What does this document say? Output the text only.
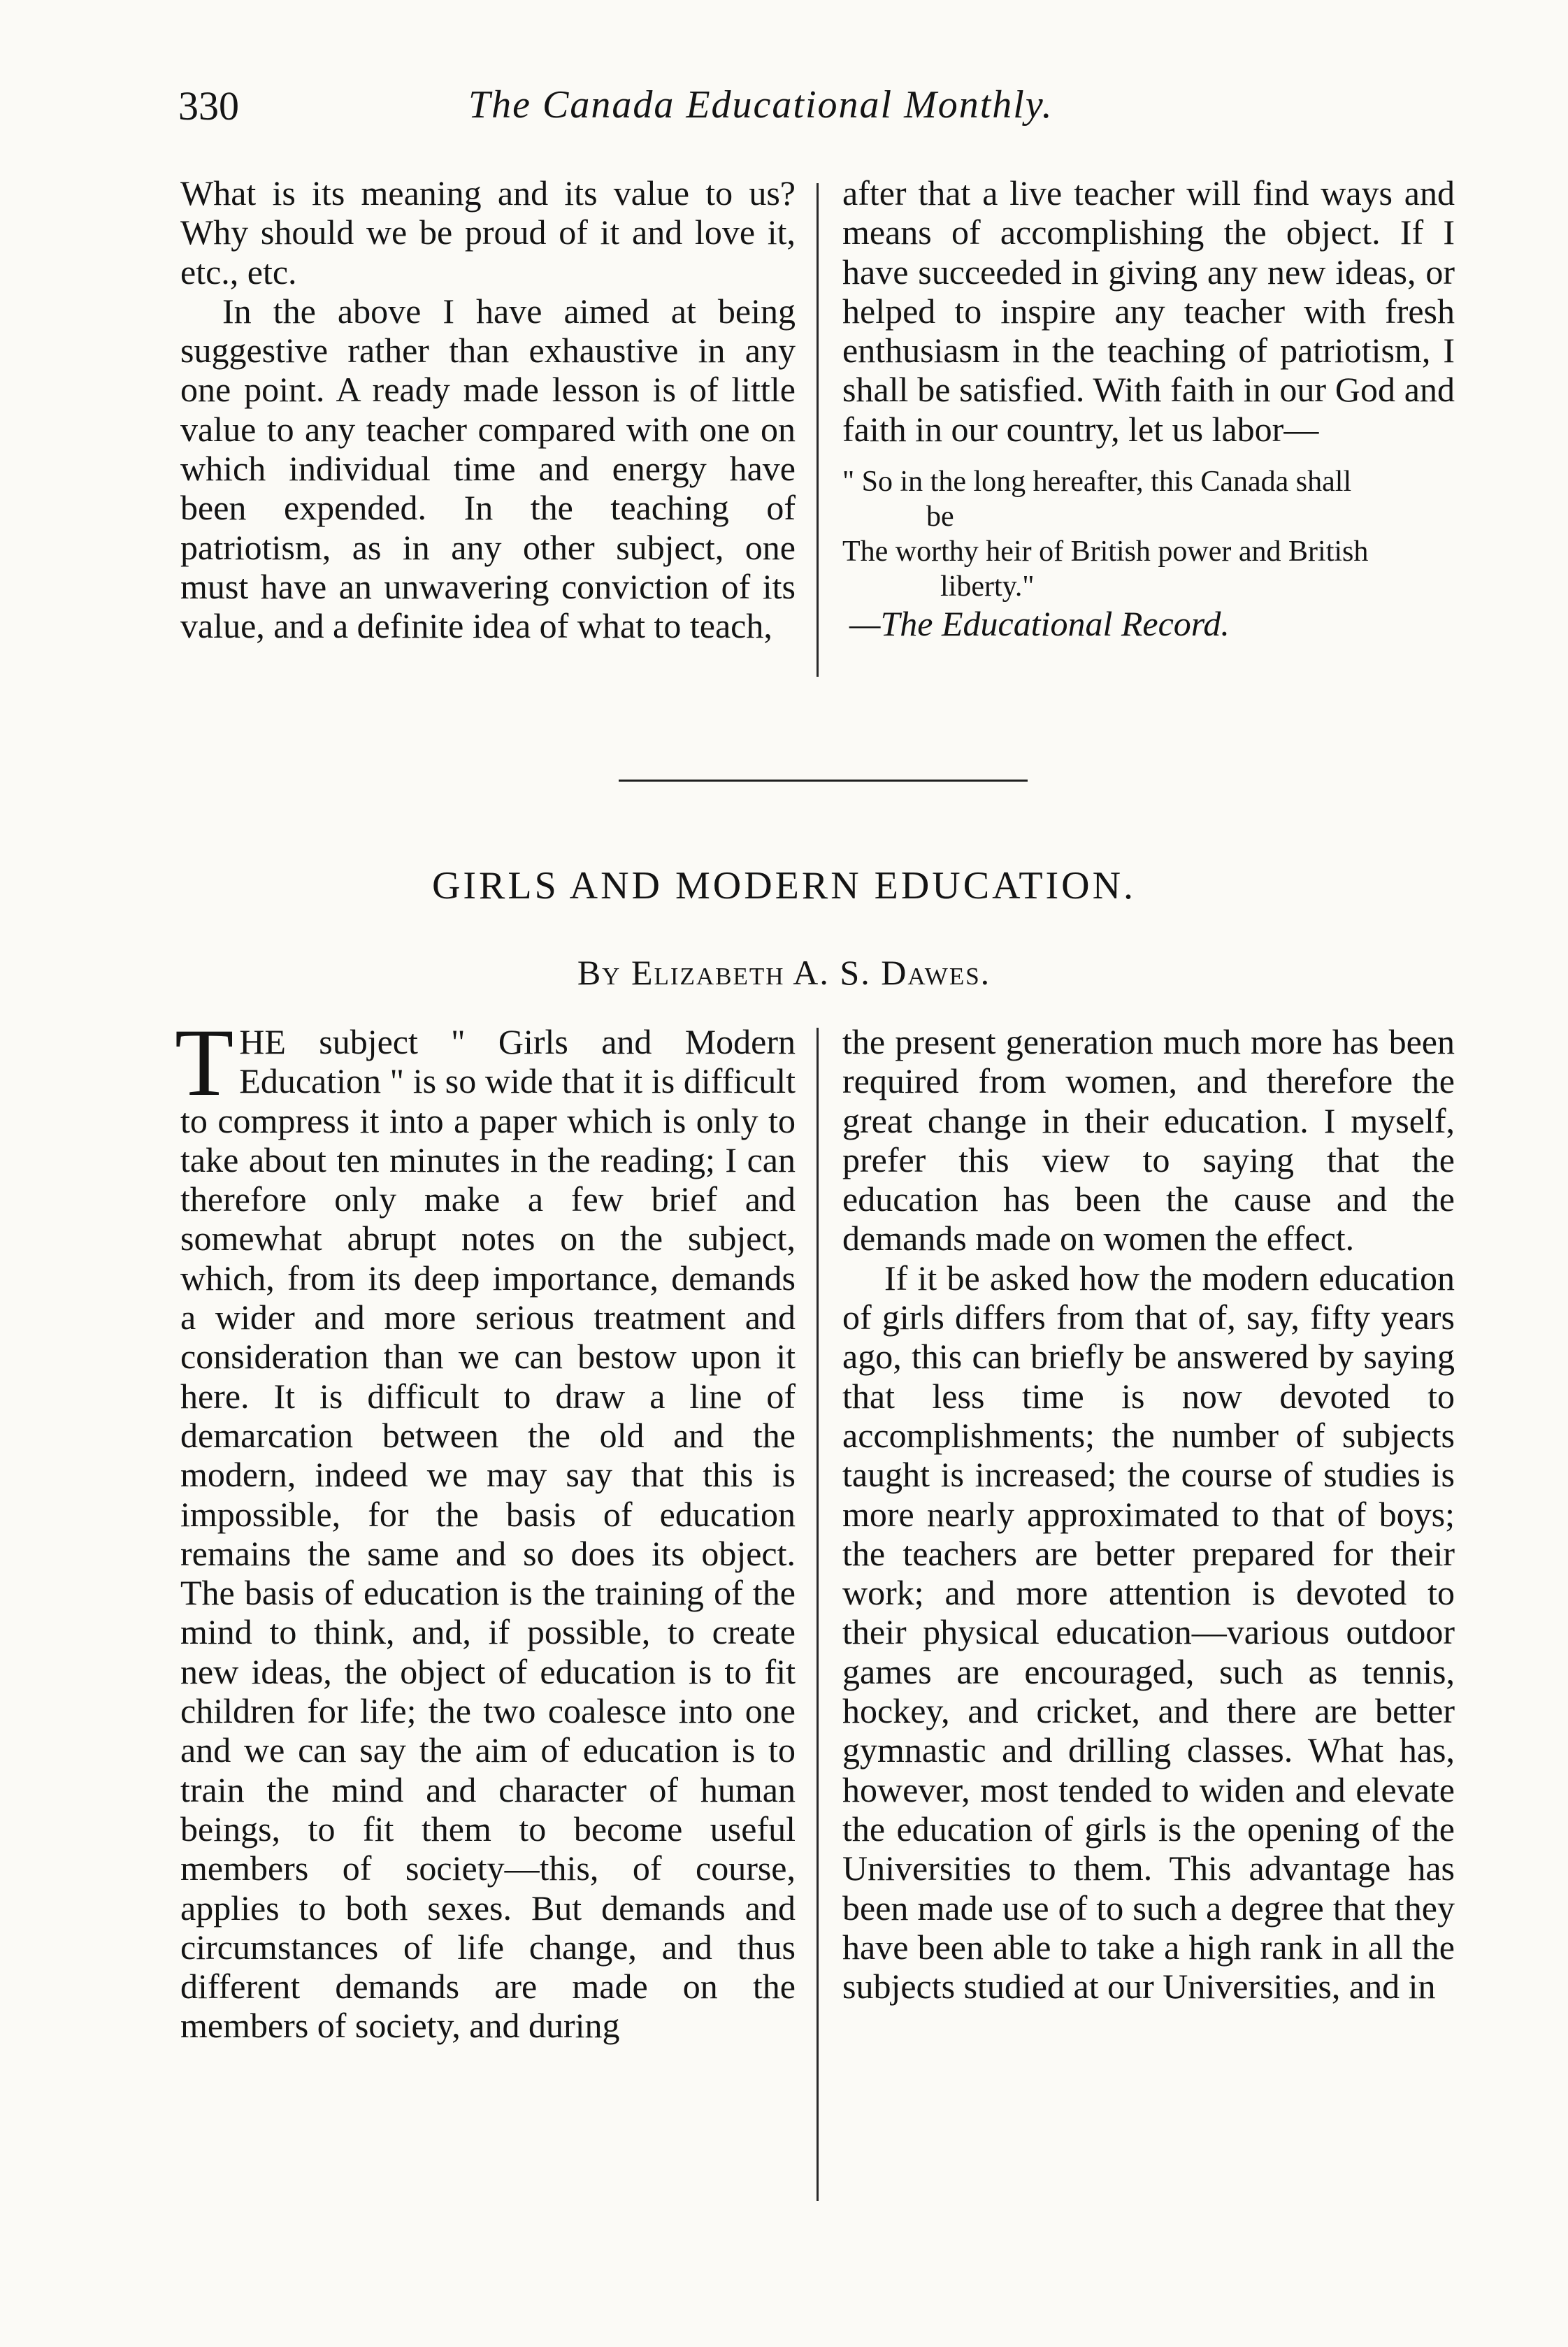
330	The Canada Educational Monthly.

What is its meaning and its value to us? Why should we be proud of it and love it, etc., etc.

In the above I have aimed at being suggestive rather than exhaustive in any one point. A ready made lesson is of little value to any teacher compared with one on which individual time and energy have been expended. In the teaching of patriotism, as in any other subject, one must have an unwavering conviction of its value, and a definite idea of what to teach,

after that a live teacher will find ways and means of accomplishing the object. If I have succeeded in giving any new ideas, or helped to inspire any teacher with fresh enthusiasm in the teaching of patriotism, I shall be satisfied. With faith in our God and faith in our country, let us labor—

" So in the long hereafter, this Canada shall

be

The worthy heir of British power and British

liberty."

—The Educational Record.

GIRLS AND MODERN EDUCATION.
By Elizabeth A. S. Dawes.

THE subject " Girls and Modern Education " is so wide that it is difficult to compress it into a paper which is only to take about ten minutes in the reading; I can therefore only make a few brief and somewhat abrupt notes on the subject, which, from its deep importance, demands a wider and more serious treatment and consideration than we can bestow upon it here. It is difficult to draw a line of demarcation between the old and the modern, indeed we may say that this is impossible, for the basis of education remains the same and so does its object. The basis of education is the training of the mind to think, and, if possible, to create new ideas, the object of education is to fit children for life; the two coalesce into one and we can say the aim of education is to train the mind and character of human beings, to fit them to become useful members of society—this, of course, applies to both sexes. But demands and circumstances of life change, and thus different demands are made on the members of society, and during

the present generation much more has been required from women, and therefore the great change in their education. I myself, prefer this view to saying that the education has been the cause and the demands made on women the effect.

If it be asked how the modern education of girls differs from that of, say, fifty years ago, this can briefly be answered by saying that less time is now devoted to accomplishments; the number of subjects taught is increased; the course of studies is more nearly approximated to that of boys; the teachers are better prepared for their work; and more attention is devoted to their physical education—various outdoor games are encouraged, such as tennis, hockey, and cricket, and there are better gymnastic and drilling classes. What has, however, most tended to widen and elevate the education of girls is the opening of the Universities to them. This advantage has been made use of to such a degree that they have been able to take a high rank in all the subjects studied at our Universities, and in
